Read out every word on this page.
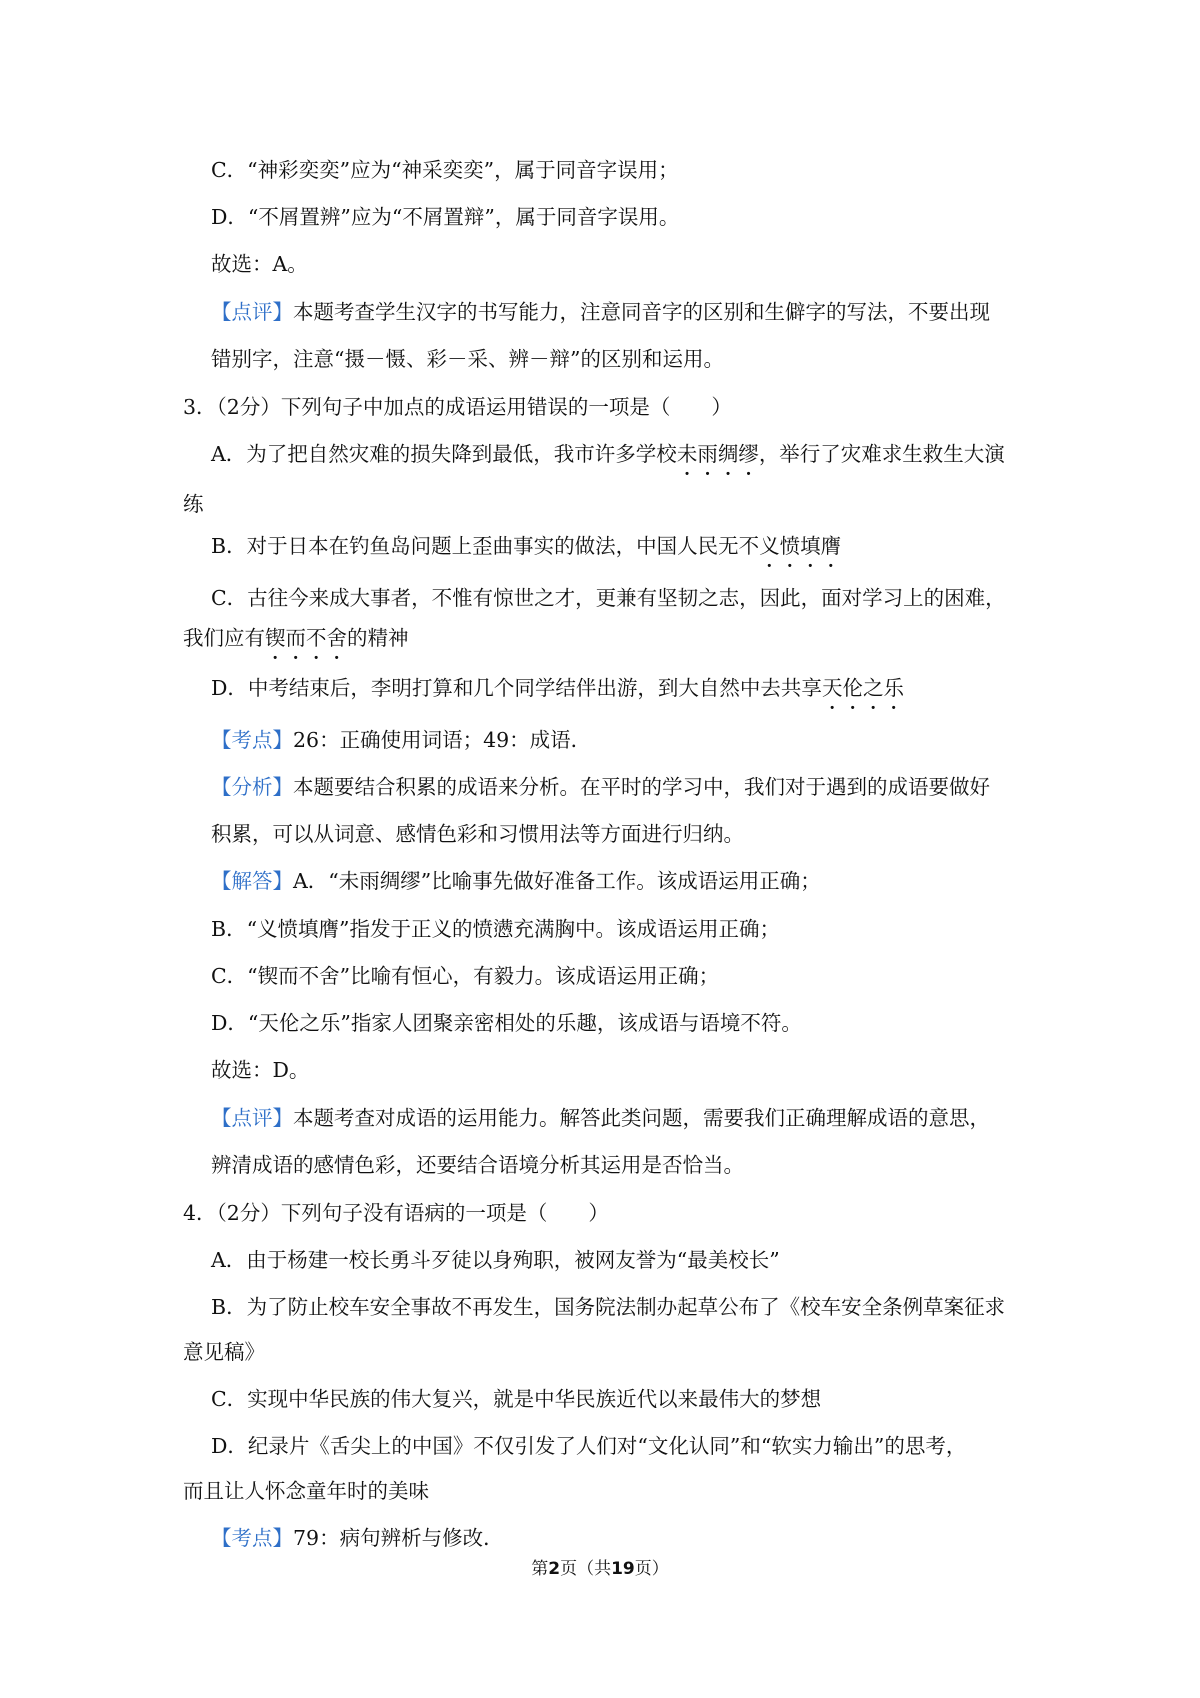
C．“神彩奕奕”应为“神采奕奕”，属于同音字误用；
D．“不屑置辨”应为“不屑置辩”，属于同音字误用。
故选：A。
【点评】本题考查学生汉字的书写能力，注意同音字的区别和生僻字的写法，不要出现
错别字，注意“摄－慑、彩－采、辨－辩”的区别和运用。
3．（2分）下列句子中加点的成语运用错误的一项是（　　）
A．为了把自然灾难的损失降到最低，我市许多学校未雨绸缪，举行了灾难求生救生大演
练
B．对于日本在钓鱼岛问题上歪曲事实的做法，中国人民无不义愤填膺
C．古往今来成大事者，不惟有惊世之才，更兼有坚韧之志，因此，面对学习上的困难，
我们应有锲而不舍的精神
D．中考结束后，李明打算和几个同学结伴出游，到大自然中去共享天伦之乐
【考点】26：正确使用词语；49：成语．
【分析】本题要结合积累的成语来分析。在平时的学习中，我们对于遇到的成语要做好
积累，可以从词意、感情色彩和习惯用法等方面进行归纳。
【解答】A．“未雨绸缪”比喻事先做好准备工作。该成语运用正确；
B．“义愤填膺”指发于正义的愤懑充满胸中。该成语运用正确；
C．“锲而不舍”比喻有恒心，有毅力。该成语运用正确；
D．“天伦之乐”指家人团聚亲密相处的乐趣，该成语与语境不符。
故选：D。
【点评】本题考查对成语的运用能力。解答此类问题，需要我们正确理解成语的意思，
辨清成语的感情色彩，还要结合语境分析其运用是否恰当。
4．（2分）下列句子没有语病的一项是（　　）
A．由于杨建一校长勇斗歹徒以身殉职，被网友誉为“最美校长”
B．为了防止校车安全事故不再发生，国务院法制办起草公布了《校车安全条例草案征求
意见稿》
C．实现中华民族的伟大复兴，就是中华民族近代以来最伟大的梦想
D．纪录片《舌尖上的中国》不仅引发了人们对“文化认同”和“软实力输出”的思考，
而且让人怀念童年时的美味
【考点】79：病句辨析与修改．
第2页（共19页）
